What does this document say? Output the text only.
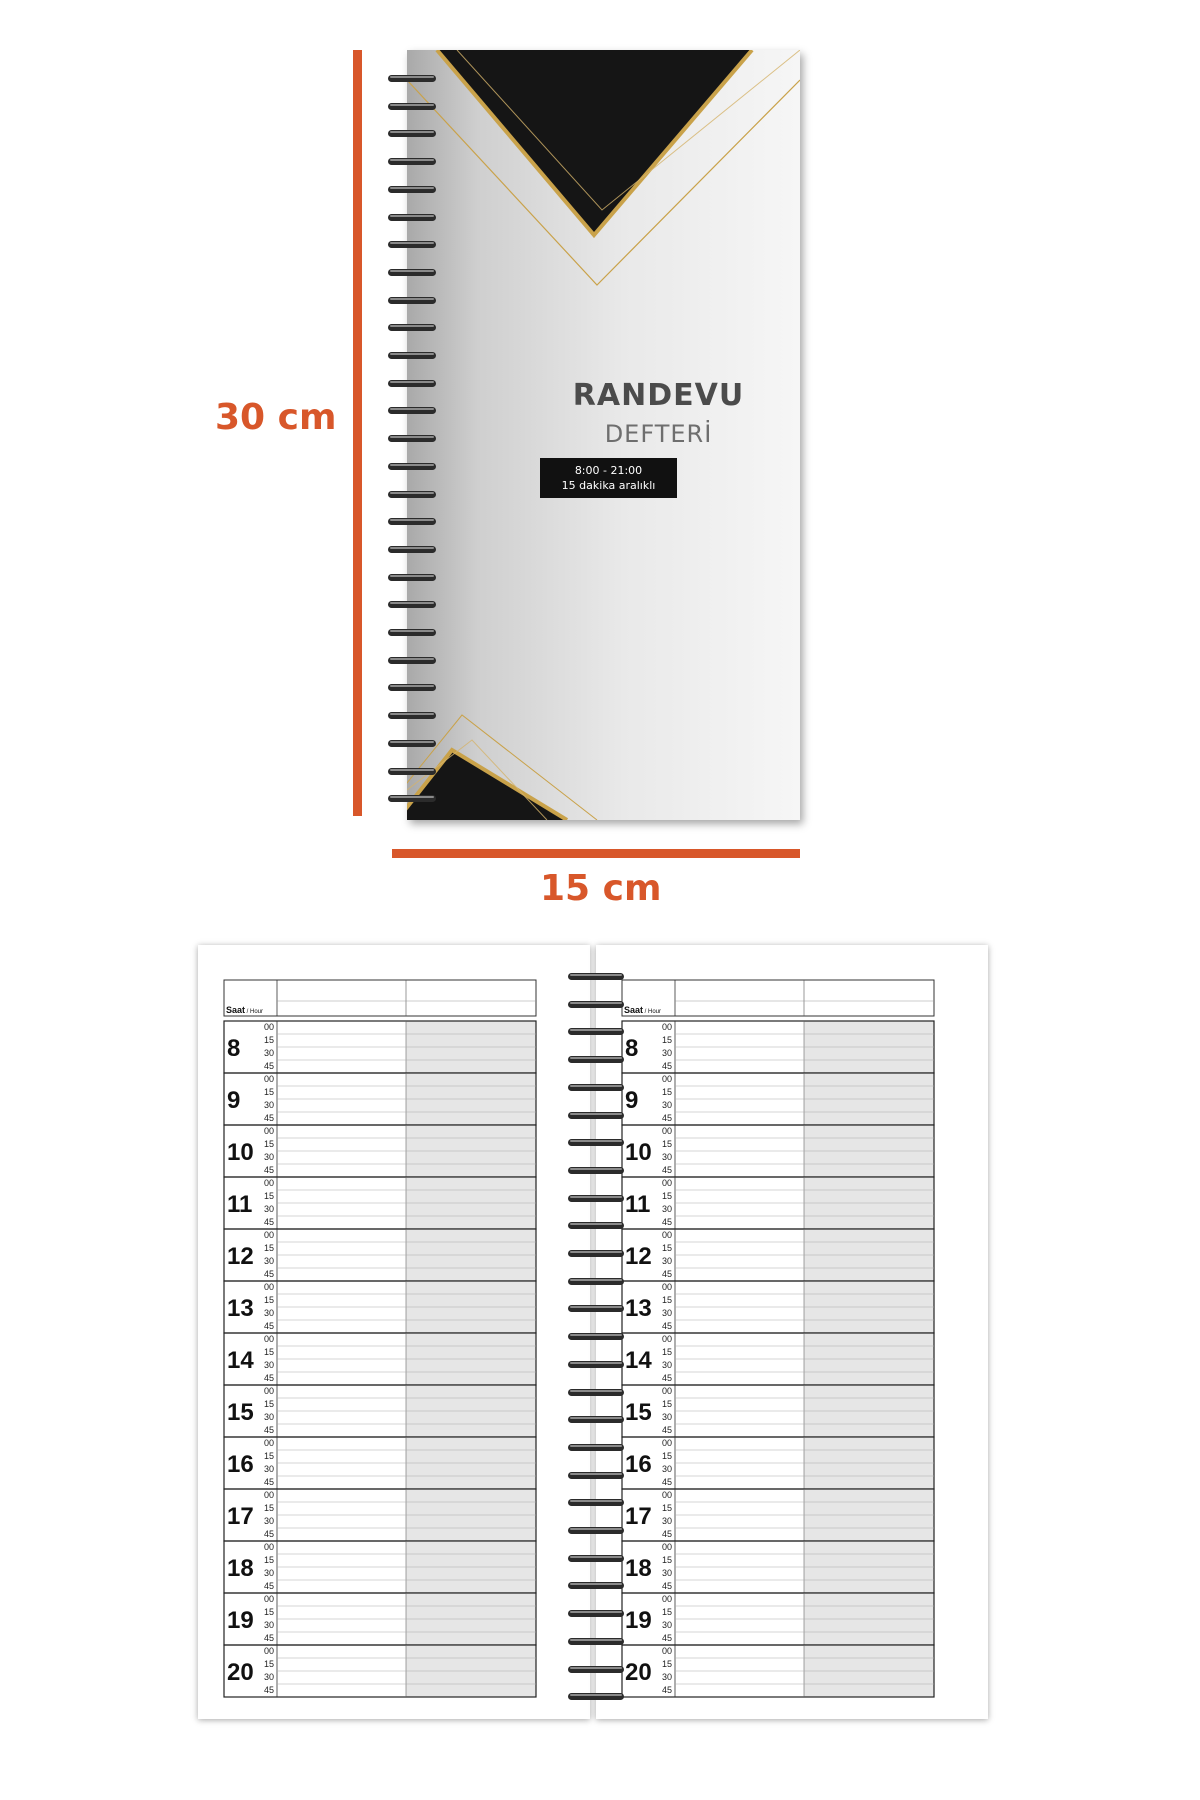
30 cm
15 cm
RANDEVU
DEFTERİ
8:00 - 21:00
15 dakika aralıklı
Saat / Hour
8
00
15
30
45
9
00
15
30
45
10
00
15
30
45
11
00
15
30
45
12
00
15
30
45
13
00
15
30
45
14
00
15
30
45
15
00
15
30
45
16
00
15
30
45
17
00
15
30
45
18
00
15
30
45
19
00
15
30
45
20
00
15
30
45
Saat / Hour
8
00
15
30
45
9
00
15
30
45
10
00
15
30
45
11
00
15
30
45
12
00
15
30
45
13
00
15
30
45
14
00
15
30
45
15
00
15
30
45
16
00
15
30
45
17
00
15
30
45
18
00
15
30
45
19
00
15
30
45
20
00
15
30
45
